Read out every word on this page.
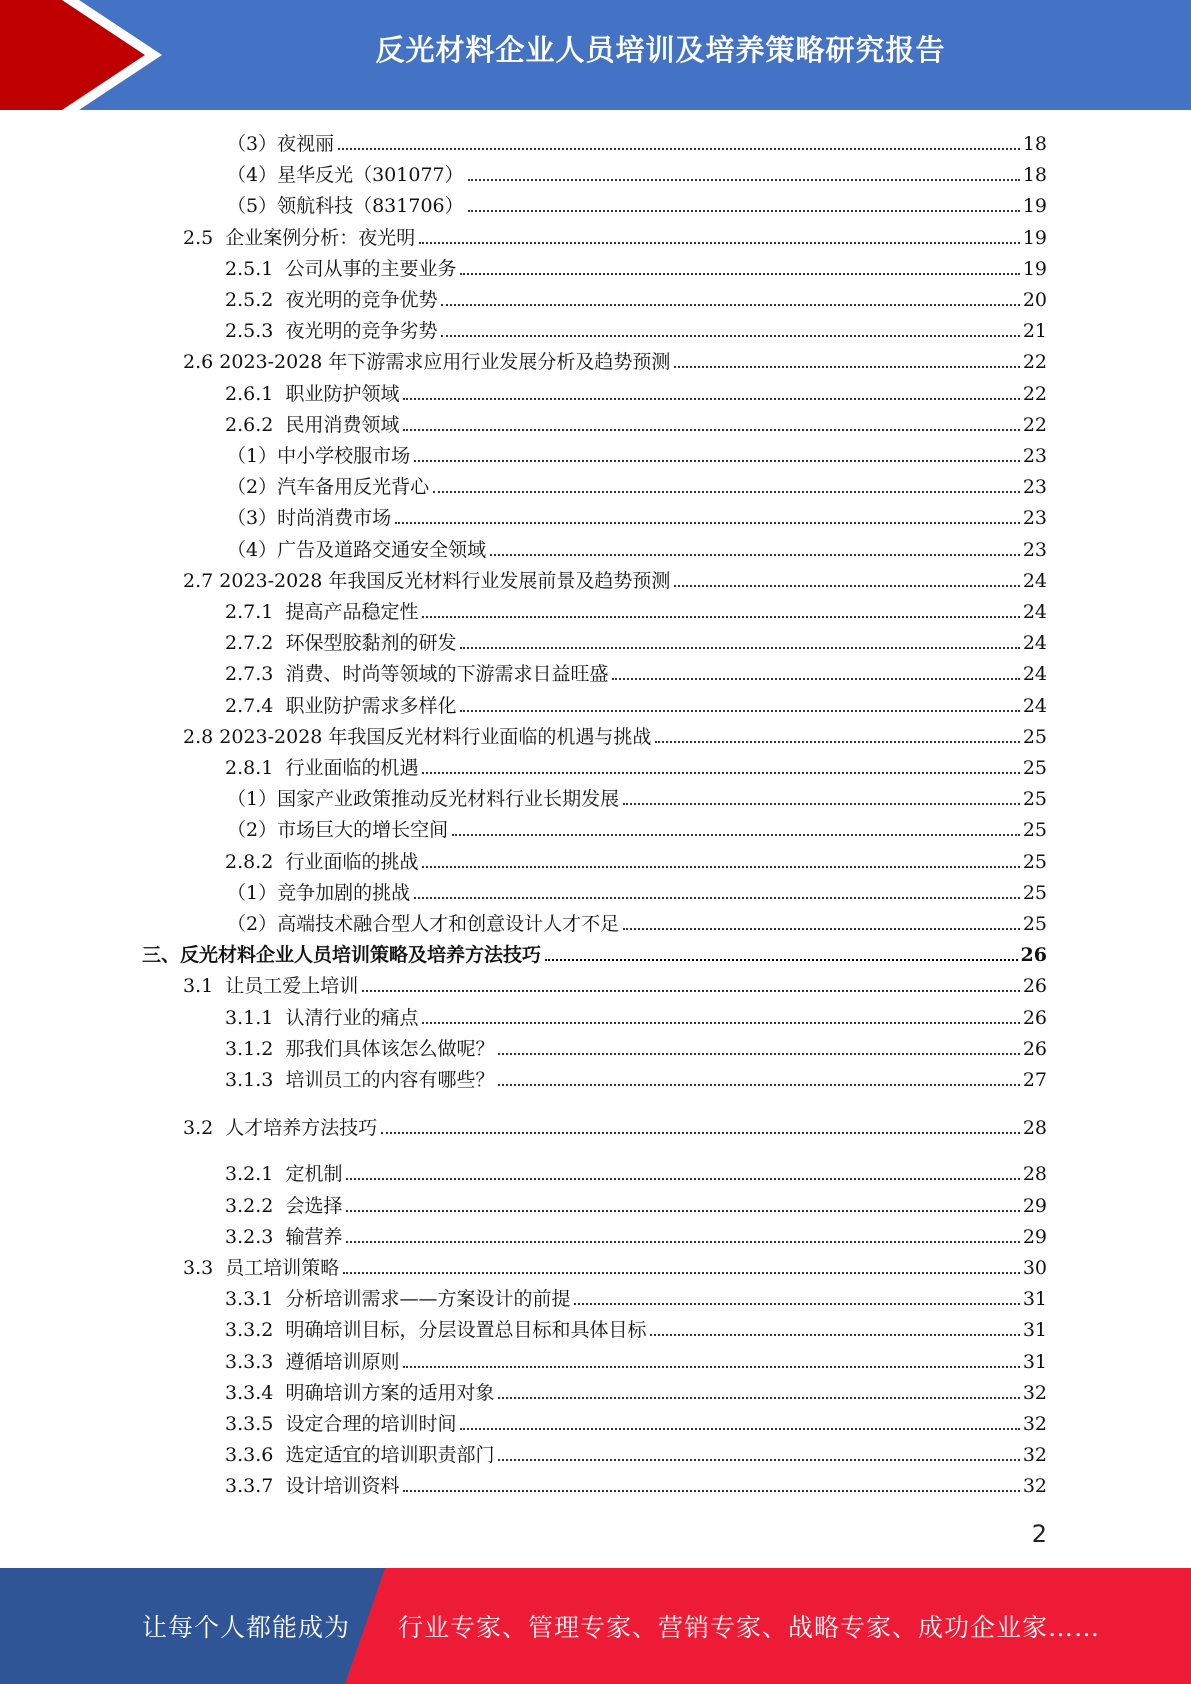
反光材料企业人员培训及培养策略研究报告
（3） 夜视丽	18
（4） 星华反光（301077）	18
（5） 领航科技（831706）	19
2.5 企业案例分析：夜光明	19
2.5.1 公司从事的主要业务	19
2.5.2 夜光明的竞争优势	20
2.5.3 夜光明的竞争劣势	21
2.6 2023-2028 年下游需求应用行业发展分析及趋势预测	22
2.6.1 职业防护领域	22
2.6.2 民用消费领域	22
（1） 中小学校服市场	23
（2） 汽车备用反光背心	23
（3） 时尚消费市场	23
（4） 广告及道路交通安全领域	23
2.7 2023-2028 年我国反光材料行业发展前景及趋势预测	24
2.7.1 提高产品稳定性	24
2.7.2 环保型胶黏剂的研发	24
2.7.3 消费、时尚等领域的下游需求日益旺盛	24
2.7.4 职业防护需求多样化	24
2.8 2023-2028 年我国反光材料行业面临的机遇与挑战	25
2.8.1 行业面临的机遇	25
（1） 国家产业政策推动反光材料行业长期发展	25
（2） 市场巨大的增长空间	25
2.8.2 行业面临的挑战	25
（1） 竞争加剧的挑战	25
（2） 高端技术融合型人才和创意设计人才不足	25
三、 反光材料企业人员培训策略及培养方法技巧	26
3.1 让员工爱上培训	26
3.1.1 认清行业的痛点	26
3.1.2 那我们具体该怎么做呢？	26
3.1.3 培训员工的内容有哪些？	27
3.2 人才培养方法技巧	28
3.2.1 定机制	28
3.2.2 会选择	29
3.2.3 输营养	29
3.3 员工培训策略	30
3.3.1 分析培训需求——方案设计的前提	31
3.3.2 明确培训目标，分层设置总目标和具体目标	31
3.3.3 遵循培训原则	31
3.3.4 明确培训方案的适用对象	32
3.3.5 设定合理的培训时间	32
3.3.6 选定适宜的培训职责部门	32
3.3.7 设计培训资料	32
2
让每个人都能成为 行业专家、管理专家、营销专家、战略专家、成功企业家……
